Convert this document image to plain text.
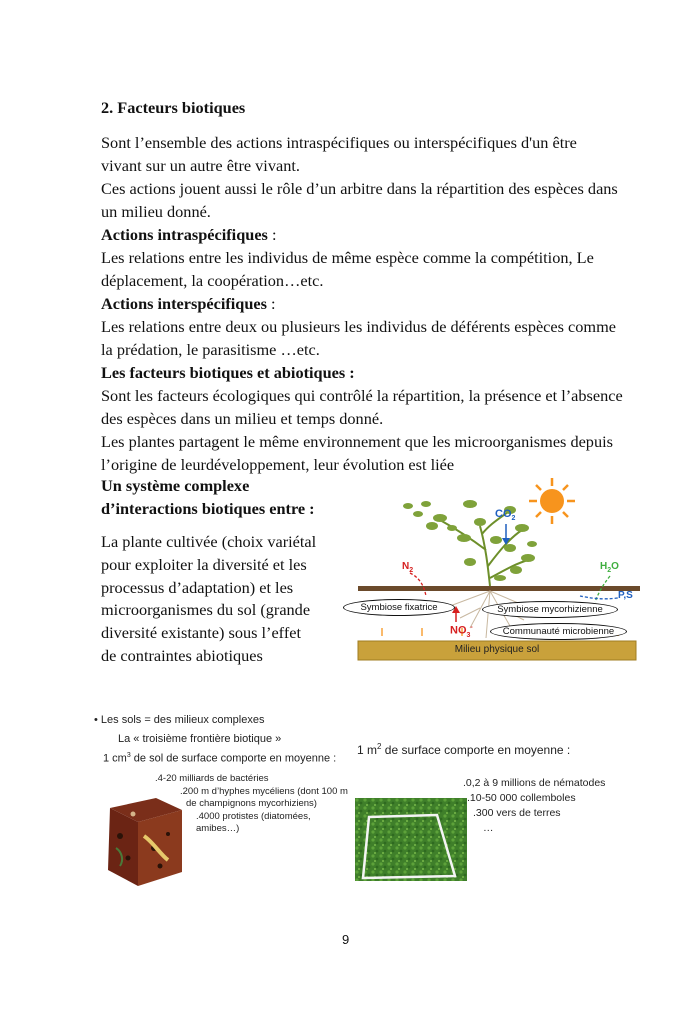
2. Facteurs biotiques

Sont l’ensemble des actions intraspécifiques ou interspécifiques d'un être

vivant sur un autre être vivant.

Ces actions jouent aussi le rôle d’un arbitre dans la répartition des espèces dans

un milieu donné.

Actions intraspécifiques :

Les relations entre les individus de même espèce comme la compétition, Le

déplacement, la coopération…etc.

Actions interspécifiques :

Les relations entre deux ou plusieurs les individus de déférents espèces comme

la prédation, le parasitisme …etc.

Les facteurs biotiques et abiotiques :

Sont les facteurs écologiques qui contrôlé la répartition, la présence et l’absence

des espèces dans un milieu et temps donné.

Les plantes partagent le même environnement que les microorganismes depuis

l’origine de leurdéveloppement, leur évolution est liée

Un système complexe

d’interactions biotiques entre :

La plante cultivée (choix variétal

pour exploiter la diversité et les

processus d’adaptation) et les

microorganismes du sol (grande

diversité existante) sous l’effet

de contraintes abiotiques

$CO_2$
$N_2$	$H_2O$
P,S
Symbiose fixatrice	Symbiose mycorhizienne
Communauté microbienne
$NO_3^-$
Milieu physique sol
• Les sols = des milieux complexes
La « troisième frontière biotique »
1 $cm^3$ de sol de surface comporte en moyenne :
.4-20 milliards de bactéries
.200 m d’hyphes mycéliens (dont 100 m
de champignons mycorhiziens)
.4000 protistes (diatomées, amibes…)
1 $m^2$ de surface comporte en moyenne :
.0,2 à 9 millions de nématodes
.10-50 000 collemboles
.300 vers de terres
…
9
